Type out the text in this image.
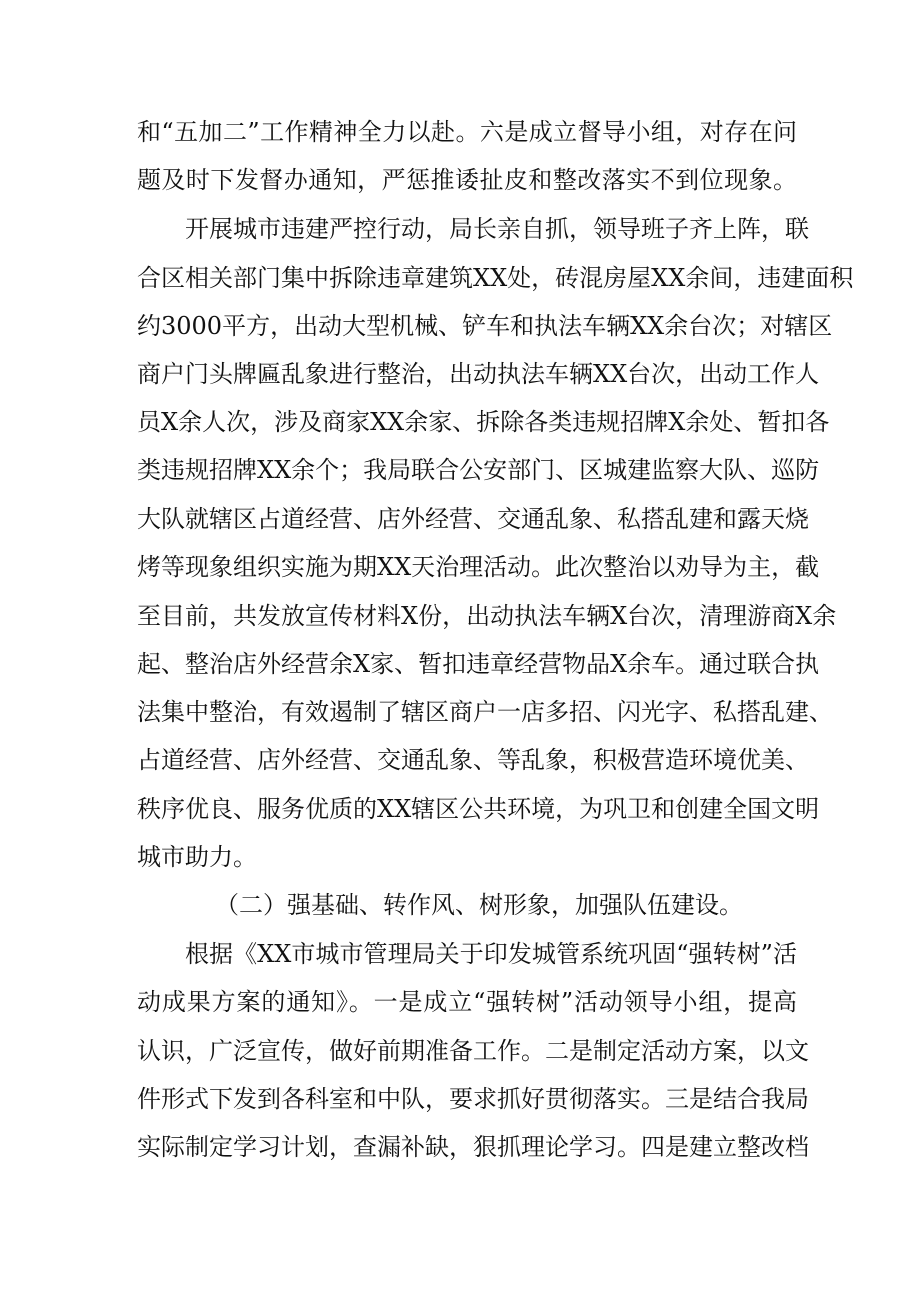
和“五加二”工作精神全力以赴。六是成立督导小组，对存在问
题及时下发督办通知，严惩推诿扯皮和整改落实不到位现象。
开展城市违建严控行动，局长亲自抓，领导班子齐上阵，联
合区相关部门集中拆除违章建筑XX处，砖混房屋XX余间，违建面积
约3000平方，出动大型机械、铲车和执法车辆XX余台次；对辖区
商户门头牌匾乱象进行整治，出动执法车辆XX台次，出动工作人
员X余人次，涉及商家XX余家、拆除各类违规招牌X余处、暂扣各
类违规招牌XX余个；我局联合公安部门、区城建监察大队、巡防
大队就辖区占道经营、店外经营、交通乱象、私搭乱建和露天烧
烤等现象组织实施为期XX天治理活动。此次整治以劝导为主，截
至目前，共发放宣传材料X份，出动执法车辆X台次，清理游商X余
起、整治店外经营余X家、暂扣违章经营物品X余车。通过联合执
法集中整治，有效遏制了辖区商户一店多招、闪光字、私搭乱建、
占道经营、店外经营、交通乱象、等乱象，积极营造环境优美、
秩序优良、服务优质的XX辖区公共环境，为巩卫和创建全国文明
城市助力。
（二）强基础、转作风、树形象，加强队伍建设。
根据《XX市城市管理局关于印发城管系统巩固“强转树”活
动成果方案的通知》。一是成立“强转树”活动领导小组，提高
认识，广泛宣传，做好前期准备工作。二是制定活动方案，以文
件形式下发到各科室和中队，要求抓好贯彻落实。三是结合我局
实际制定学习计划，查漏补缺，狠抓理论学习。四是建立整改档
